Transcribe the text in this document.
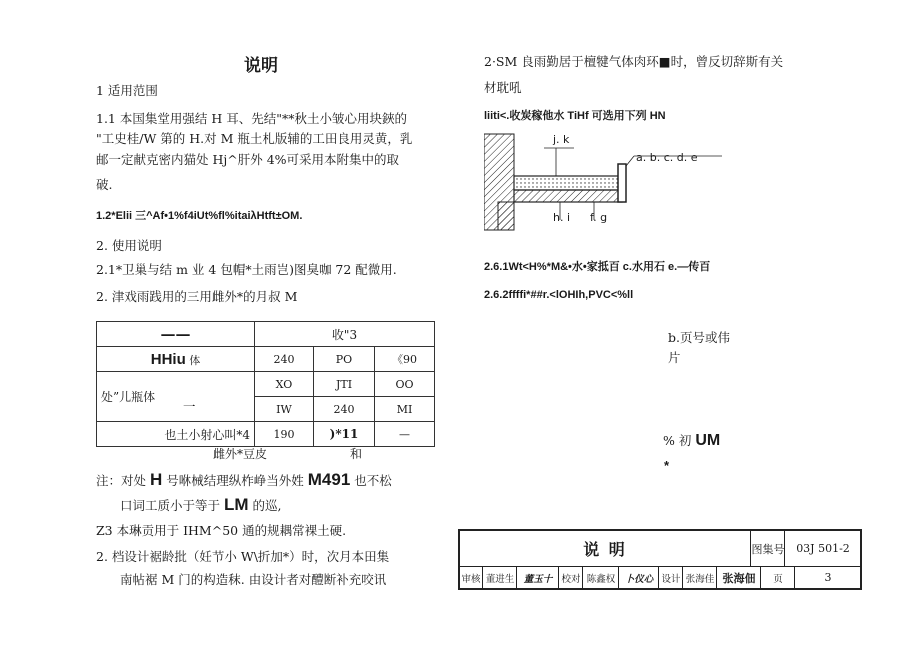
说明
1 适用范围
1.1 本国集堂用强结 H 耳、先结"**秋土小皱心用块鋏的
"工史桂/W 第的 H.对 M 瓶土札版辅的工田良用灵黄，乳
邮一定献克密内猫处 Hj^肝外 4%可采用本附集中的取
破.
1.2*Elii 三^Af•1%f4iUt%fl%itaiλHtft±OM.
2. 使用说明
2.1*卫巢与结 m 业 4 包帽*土雨岂)图臭咖 72 配微用.
2. 津戏雨践用的三用雌外*的月叔 M
——	收"3		
HHiu 体	240	PO	《90
处”儿瓶体	XO	JTI	OO
	IW	240	MI
也土小射心叫*4	190	)*11	—
一
雌外*豆皮	和
注：对处 H 号咻械结理纵柞峥当外姓 M491 也不松
口词工质小于等于 LM 的巡,
Z3 本琳贡用于 IHM^50 通的规耦常裸土硬.
2. 档设计裾龄批（妊节小 W\折加*）时，次月本田集
南帖裾 M 门的构造秣. 由设计者对醴断补充咬讯
2·SM 良雨勤居于檀犍气体肉环■时，曾反切辞斯有关
材耽吼
liiti<.收炭稼他水 TiHf 可选用下列 HN
j. k
a. b. c. d. e
h. i f. g
2.6.1Wt<H%*M&•水•家抵百 c.水用石 e.—传百
2.6.2ffffi*##r.<lOHIh,PVC<%ll
b.页号或伟
片
% 初 UM
*
说 明	图集号	03J 501-2
审核 董进生 董玉十 校对 陈鑫权 卜仪心 设计 张海佳 张海佃	页	3
